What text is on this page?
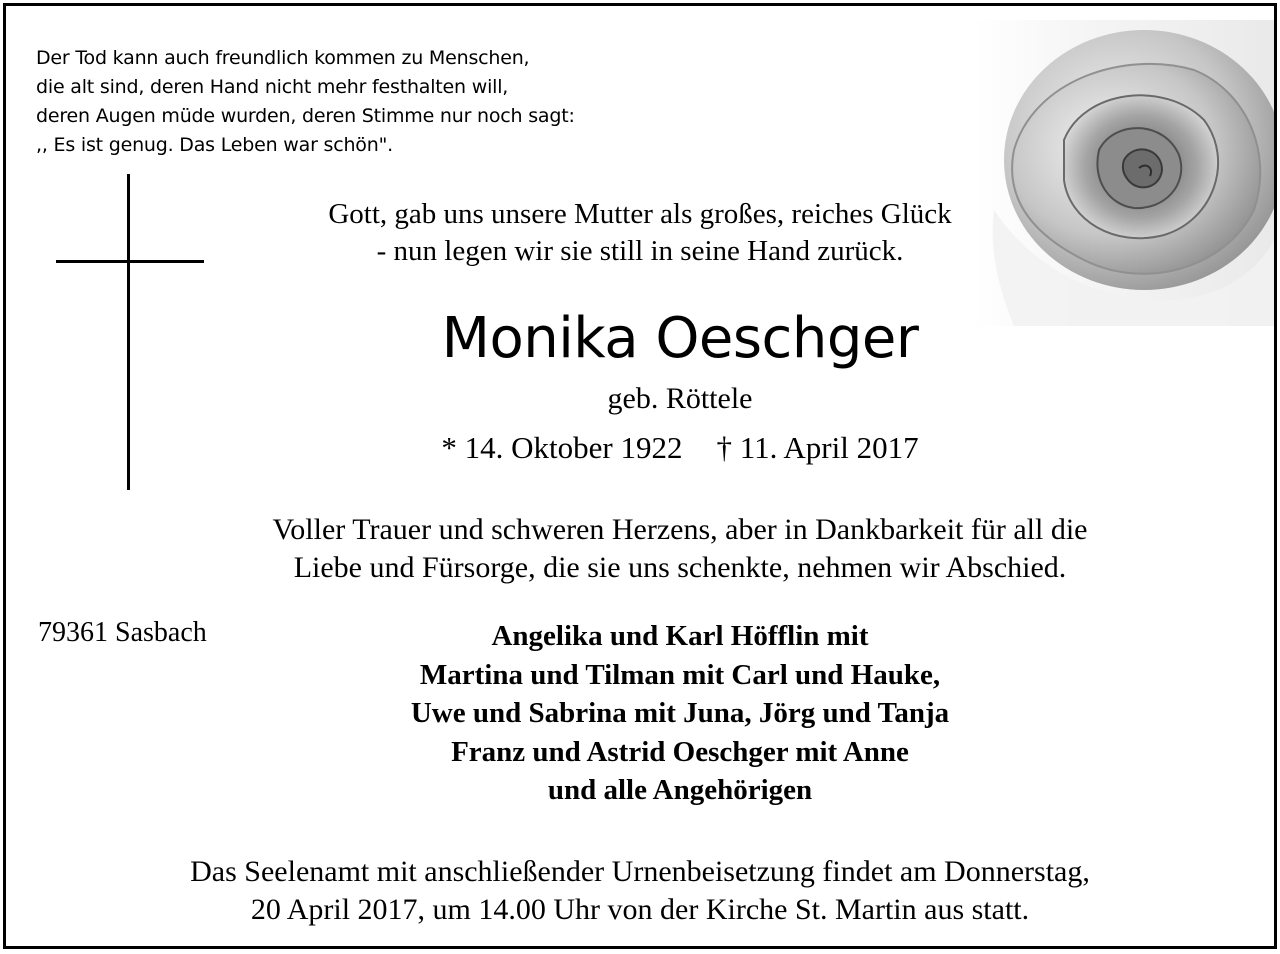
Der Tod kann auch freundlich kommen zu Menschen,
die alt sind, deren Hand nicht mehr festhalten will,
deren Augen müde wurden, deren Stimme nur noch sagt:
,, Es ist genug. Das Leben war schön".
Gott, gab uns unsere Mutter als großes, reiches Glück
- nun legen wir sie still in seine Hand zurück.
Monika Oeschger
geb. Röttele
* 14. Oktober 1922 † 11. April 2017
Voller Trauer und schweren Herzens, aber in Dankbarkeit für all die
Liebe und Fürsorge, die sie uns schenkte, nehmen wir Abschied.
79361 Sasbach	Angelika und Karl Höfflin mit
Martina und Tilman mit Carl und Hauke,
Uwe und Sabrina mit Juna, Jörg und Tanja
Franz und Astrid Oeschger mit Anne
und alle Angehörigen
Das Seelenamt mit anschließender Urnenbeisetzung findet am Donnerstag,
20 April 2017, um 14.00 Uhr von der Kirche St. Martin aus statt.
